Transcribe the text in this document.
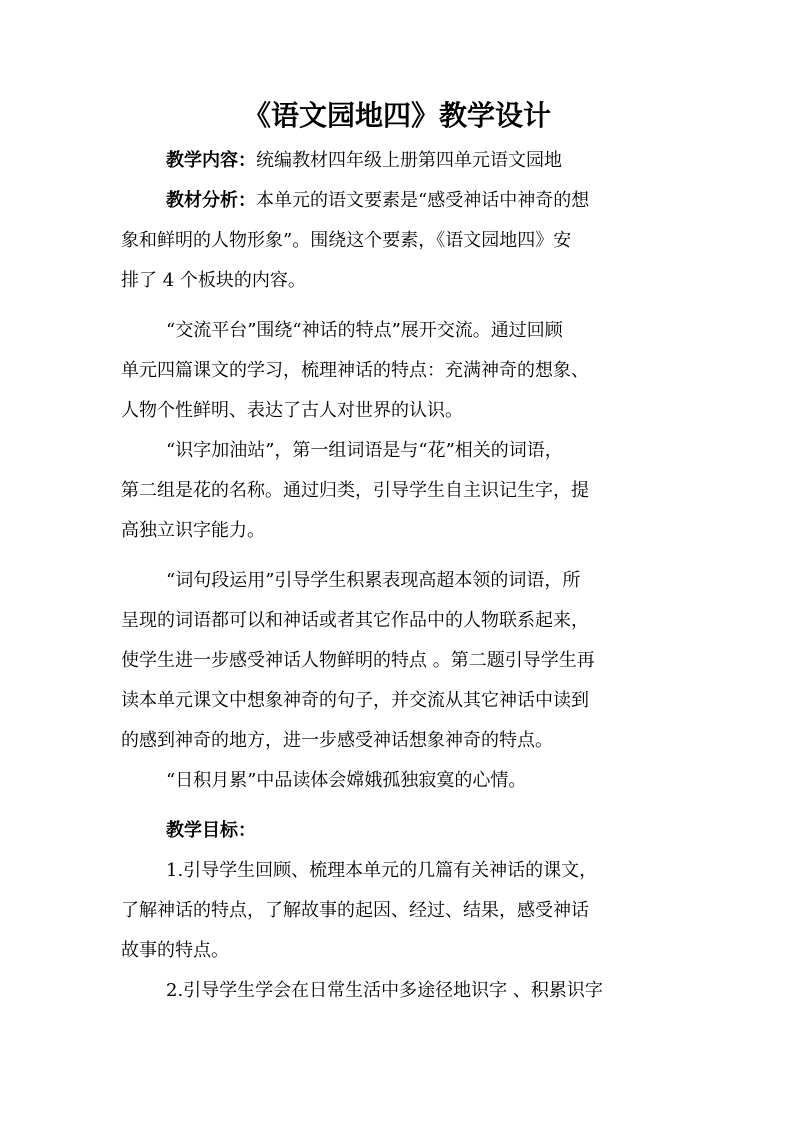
《语文园地四》教学设计
教学内容：统编教材四年级上册第四单元语文园地
教材分析：本单元的语文要素是“感受神话中神奇的想
象和鲜明的人物形象”。围绕这个要素，《语文园地四》安
排了 4 个板块的内容。
“交流平台”围绕“神话的特点”展开交流。通过回顾
单元四篇课文的学习，梳理神话的特点：充满神奇的想象、
人物个性鲜明、表达了古人对世界的认识。
“识字加油站”，第一组词语是与“花”相关的词语，
第二组是花的名称。通过归类，引导学生自主识记生字，提
高独立识字能力。
“词句段运用”引导学生积累表现高超本领的词语，所
呈现的词语都可以和神话或者其它作品中的人物联系起来，
使学生进一步感受神话人物鲜明的特点 。第二题引导学生再
读本单元课文中想象神奇的句子，并交流从其它神话中读到
的感到神奇的地方，进一步感受神话想象神奇的特点。
“日积月累”中品读体会嫦娥孤独寂寞的心情。
教学目标：
1.引导学生回顾、梳理本单元的几篇有关神话的课文，
了解神话的特点，了解故事的起因、经过、结果，感受神话
故事的特点。
2.引导学生学会在日常生活中多途径地识字 、积累识字
